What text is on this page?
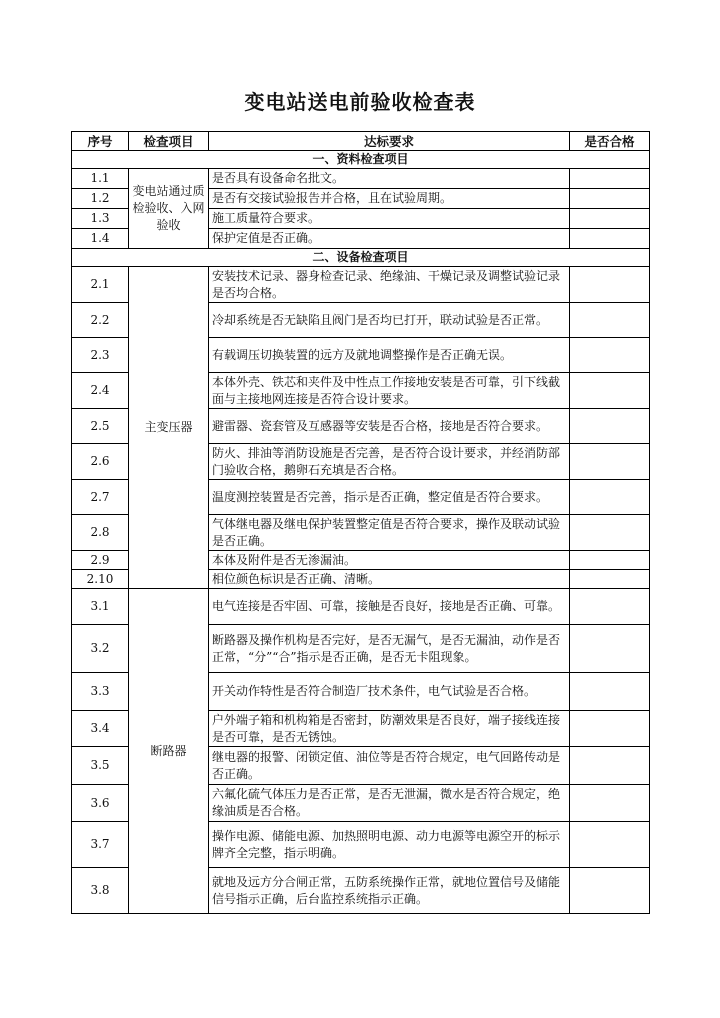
变电站送电前验收检查表
序号	检查项目	达标要求	是否合格
一、资料检查项目			
1.1	变电站通过质检验收、入网验收	是否具有设备命名批文。	
1.2		是否有交接试验报告并合格，且在试验周期。	
1.3		施工质量符合要求。	
1.4		保护定值是否正确。	
二、设备检查项目			
2.1	主变压器	安装技术记录、器身检查记录、绝缘油、干燥记录及调整试验记录是否均合格。	
2.2		冷却系统是否无缺陷且阀门是否均已打开，联动试验是否正常。	
2.3		有载调压切换装置的远方及就地调整操作是否正确无误。	
2.4		本体外壳、铁芯和夹件及中性点工作接地安装是否可靠，引下线截面与主接地网连接是否符合设计要求。	
2.5		避雷器、瓷套管及互感器等安装是否合格，接地是否符合要求。	
2.6		防火、排油等消防设施是否完善，是否符合设计要求，并经消防部门验收合格，鹅卵石充填是否合格。	
2.7		温度测控装置是否完善，指示是否正确，整定值是否符合要求。	
2.8		气体继电器及继电保护装置整定值是否符合要求，操作及联动试验是否正确。	
2.9		本体及附件是否无渗漏油。	
2.10		相位颜色标识是否正确、清晰。	
3.1	断路器	电气连接是否牢固、可靠，接触是否良好，接地是否正确、可靠。	
3.2		断路器及操作机构是否完好，是否无漏气，是否无漏油，动作是否正常，“分”“合”指示是否正确，是否无卡阻现象。	
3.3		开关动作特性是否符合制造厂技术条件，电气试验是否合格。	
3.4		户外端子箱和机构箱是否密封，防潮效果是否良好，端子接线连接是否可靠，是否无锈蚀。	
3.5		继电器的报警、闭锁定值、油位等是否符合规定，电气回路传动是否正确。	
3.6		六氟化硫气体压力是否正常，是否无泄漏，微水是否符合规定，绝缘油质是否合格。	
3.7		操作电源、储能电源、加热照明电源、动力电源等电源空开的标示牌齐全完整，指示明确。	
3.8		就地及远方分合闸正常，五防系统操作正常，就地位置信号及储能信号指示正确，后台监控系统指示正确。	
